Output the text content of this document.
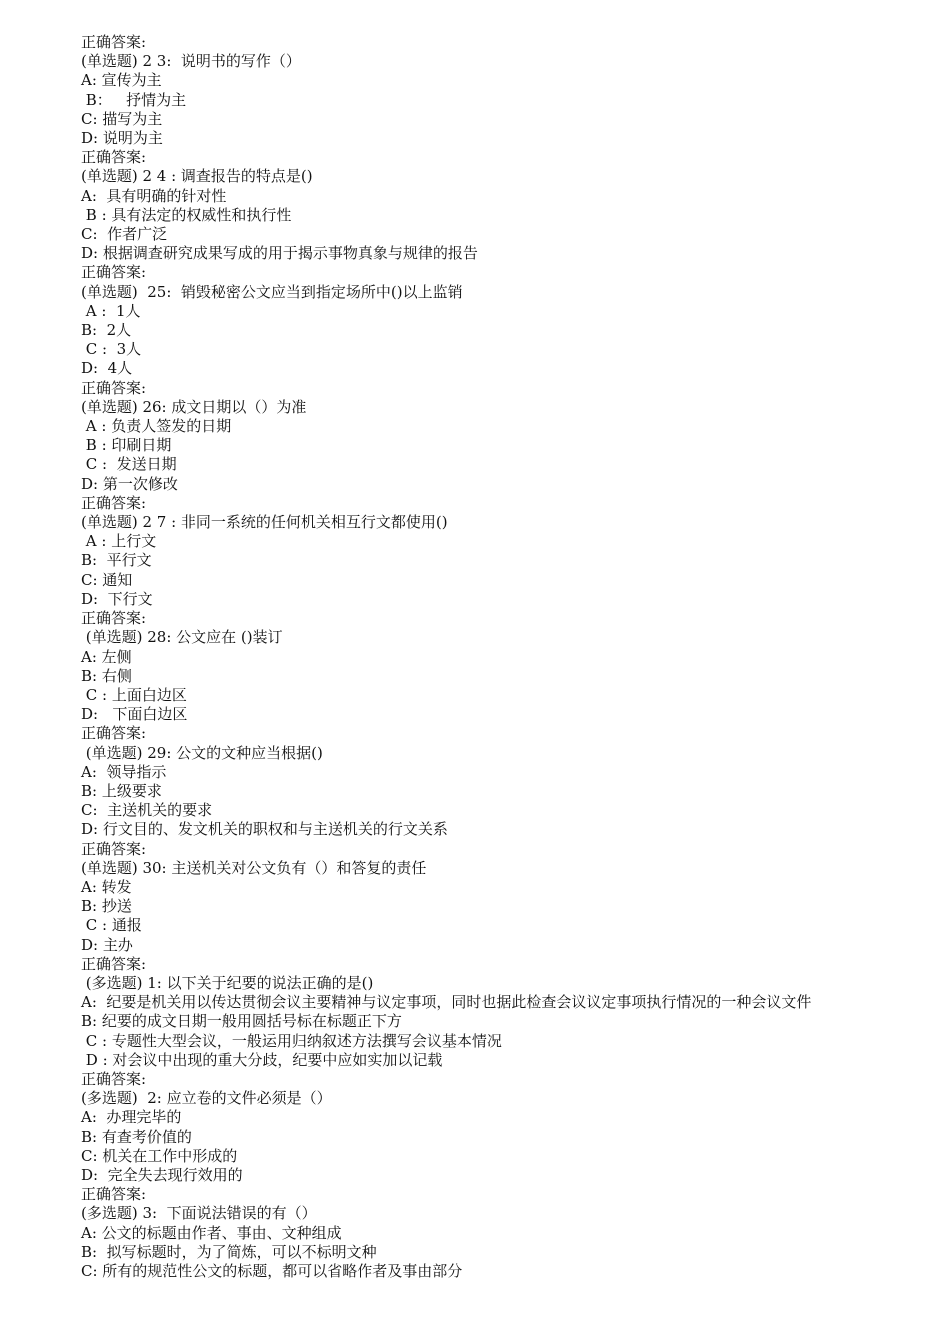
正确答案:
(单选题) 2 3:  说明书的写作（）
A: 宣传为主
B：   抒情为主
C: 描写为主
D: 说明为主
正确答案:
(单选题) 2 4 : 调查报告的特点是()
A:  具有明确的针对性
B : 具有法定的权威性和执行性
C:  作者广泛
D: 根据调查研究成果写成的用于揭示事物真象与规律的报告
正确答案:
(单选题)  25:  销毁秘密公文应当到指定场所中()以上监销
A :  1人
B:  2人
C :  3人
D:  4人
正确答案:
(单选题) 26: 成文日期以（）为准
A : 负责人签发的日期
B : 印刷日期
C :  发送日期
D: 第一次修改
正确答案:
(单选题) 2 7 : 非同一系统的任何机关相互行文都使用()
A : 上行文
B:  平行文
C: 通知
D:  下行文
正确答案:
(单选题) 28: 公文应在 ()装订
A: 左侧
B: 右侧
C : 上面白边区
D:   下面白边区
正确答案:
(单选题) 29: 公文的文种应当根据()
A:  领导指示
B: 上级要求
C:  主送机关的要求
D: 行文目的、发文机关的职权和与主送机关的行文关系
正确答案:
(单选题) 30: 主送机关对公文负有（）和答复的责任
A: 转发
B: 抄送
C : 通报
D: 主办
正确答案:
(多选题) 1: 以下关于纪要的说法正确的是()
A:  纪要是机关用以传达贯彻会议主要精神与议定事项，同时也据此检查会议议定事项执行情况的一种会议文件
B: 纪要的成文日期一般用圆括号标在标题正下方
C : 专题性大型会议，一般运用归纳叙述方法撰写会议基本情况
D : 对会议中出现的重大分歧，纪要中应如实加以记载
正确答案:
(多选题)  2: 应立卷的文件必须是（）
A:  办理完毕的
B: 有查考价值的
C: 机关在工作中形成的
D:  完全失去现行效用的
正确答案:
(多选题) 3:  下面说法错误的有（）
A: 公文的标题由作者、事由、文种组成
B:  拟写标题时，为了简炼，可以不标明文种
C: 所有的规范性公文的标题，都可以省略作者及事由部分
